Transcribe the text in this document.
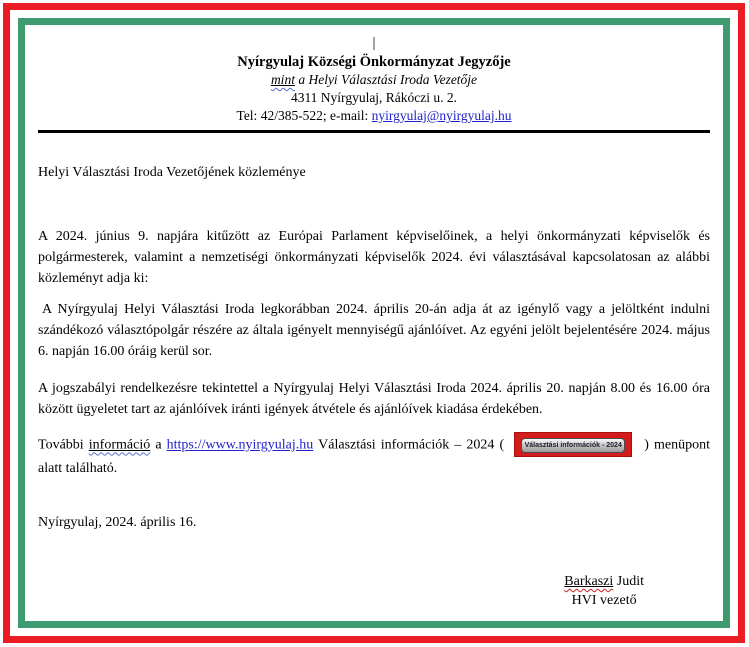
|
Nyírgyulaj Községi Önkormányzat Jegyzője
mint a Helyi Választási Iroda Vezetője
4311 Nyírgyulaj, Rákóczi u. 2.
Tel: 42/385-522; e-mail: nyirgyulaj@nyirgyulaj.hu
Helyi Választási Iroda Vezetőjének közleménye

A 2024. június 9. napjára kitűzött az Európai Parlament képviselőinek, a helyi önkormányzati képviselők és polgármesterek, valamint a nemzetiségi önkormányzati képviselők 2024. évi választásával kapcsolatosan az alábbi közleményt adja ki:

A Nyírgyulaj Helyi Választási Iroda legkorábban 2024. április 20-án adja át az igénylő vagy a jelöltként indulni szándékozó választópolgár részére az általa igényelt mennyiségű ajánlóívet. Az egyéni jelölt bejelentésére 2024. május 6. napján 16.00 óráig kerül sor.

A jogszabályi rendelkezésre tekintettel a Nyírgyulaj Helyi Választási Iroda 2024. április 20. napján 8.00 és 16.00 óra között ügyeletet tart az ajánlóívek iránti igények átvétele és ajánlóívek kiadása érdekében.

További információ a https://www.nyirgyulaj.hu Választási információk – 2024 (	Választási információk - 2024 ) menüpont alatt található.

Nyírgyulaj, 2024. április 16.
Barkaszi Judit
HVI vezető
